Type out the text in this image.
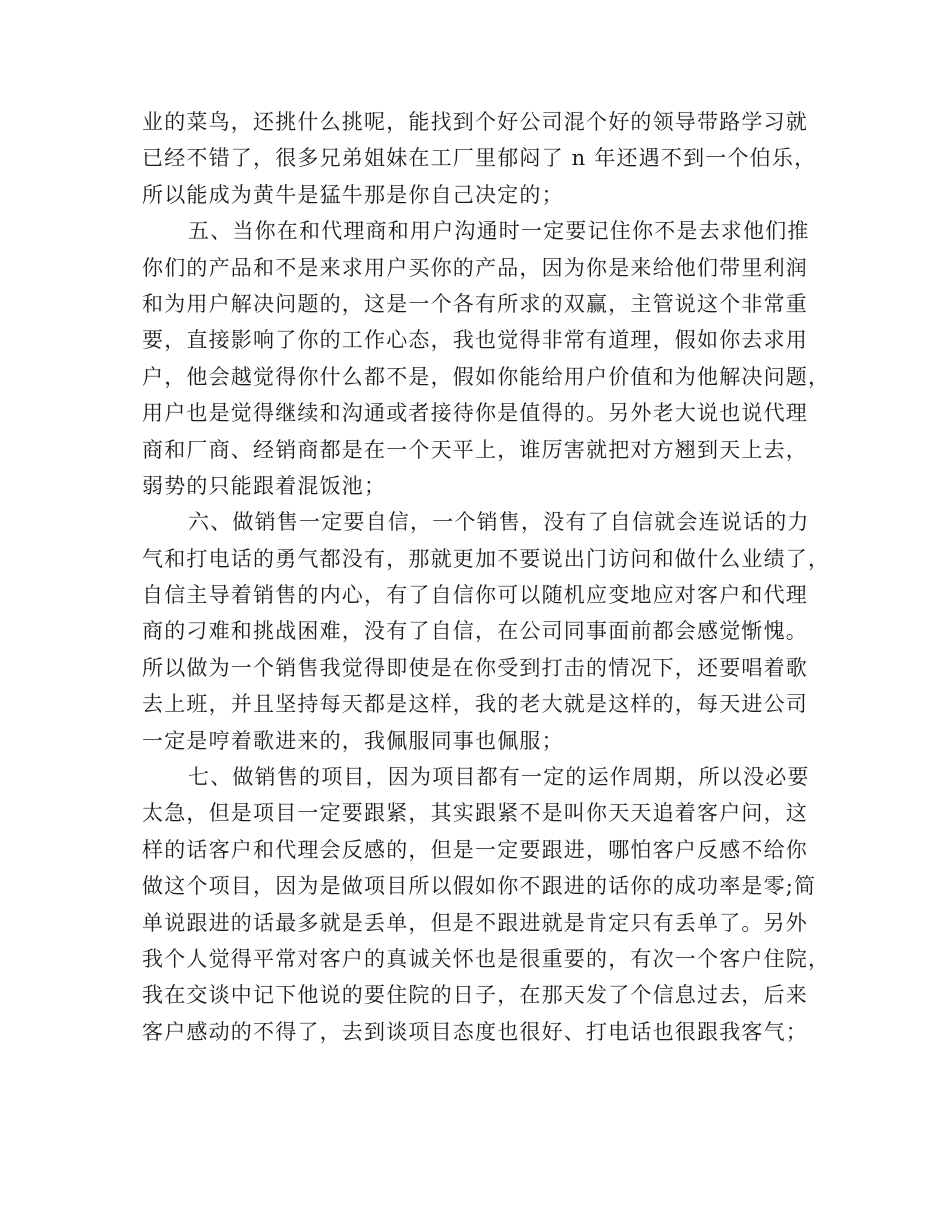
业的菜鸟，还挑什么挑呢，能找到个好公司混个好的领导带路学习就
已经不错了，很多兄弟姐妹在工厂里郁闷了 n 年还遇不到一个伯乐，
所以能成为黄牛是猛牛那是你自己决定的；
五、当你在和代理商和用户沟通时一定要记住你不是去求他们推
你们的产品和不是来求用户买你的产品，因为你是来给他们带里利润
和为用户解决问题的，这是一个各有所求的双赢，主管说这个非常重
要，直接影响了你的工作心态，我也觉得非常有道理，假如你去求用
户，他会越觉得你什么都不是，假如你能给用户价值和为他解决问题，
用户也是觉得继续和沟通或者接待你是值得的。另外老大说也说代理
商和厂商、经销商都是在一个天平上，谁厉害就把对方翘到天上去，
弱势的只能跟着混饭池；
六、做销售一定要自信，一个销售，没有了自信就会连说话的力
气和打电话的勇气都没有，那就更加不要说出门访问和做什么业绩了，
自信主导着销售的内心，有了自信你可以随机应变地应对客户和代理
商的刁难和挑战困难，没有了自信，在公司同事面前都会感觉惭愧。
所以做为一个销售我觉得即使是在你受到打击的情况下，还要唱着歌
去上班，并且坚持每天都是这样，我的老大就是这样的，每天进公司
一定是哼着歌进来的，我佩服同事也佩服；
七、做销售的项目，因为项目都有一定的运作周期，所以没必要
太急，但是项目一定要跟紧，其实跟紧不是叫你天天追着客户问，这
样的话客户和代理会反感的，但是一定要跟进，哪怕客户反感不给你
做这个项目，因为是做项目所以假如你不跟进的话你的成功率是零;简
单说跟进的话最多就是丢单，但是不跟进就是肯定只有丢单了。另外
我个人觉得平常对客户的真诚关怀也是很重要的，有次一个客户住院，
我在交谈中记下他说的要住院的日子，在那天发了个信息过去，后来
客户感动的不得了，去到谈项目态度也很好、打电话也很跟我客气；
